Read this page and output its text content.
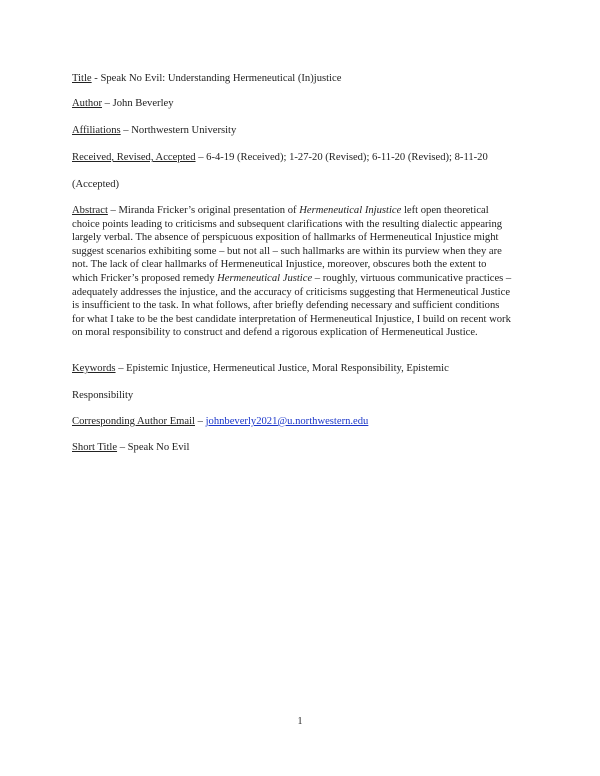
Title - Speak No Evil: Understanding Hermeneutical (In)justice
Author – John Beverley
Affiliations – Northwestern University
Received, Revised, Accepted – 6-4-19 (Received); 1-27-20 (Revised); 6-11-20 (Revised); 8-11-20
(Accepted)
Abstract – Miranda Fricker’s original presentation of Hermeneutical Injustice left open theoretical choice points leading to criticisms and subsequent clarifications with the resulting dialectic appearing largely verbal. The absence of perspicuous exposition of hallmarks of Hermeneutical Injustice might suggest scenarios exhibiting some – but not all – such hallmarks are within its purview when they are not. The lack of clear hallmarks of Hermeneutical Injustice, moreover, obscures both the extent to which Fricker’s proposed remedy Hermeneutical Justice – roughly, virtuous communicative practices – adequately addresses the injustice, and the accuracy of criticisms suggesting that Hermeneutical Justice is insufficient to the task. In what follows, after briefly defending necessary and sufficient conditions for what I take to be the best candidate interpretation of Hermeneutical Injustice, I build on recent work on moral responsibility to construct and defend a rigorous explication of Hermeneutical Justice.
Keywords – Epistemic Injustice, Hermeneutical Justice, Moral Responsibility, Epistemic
Responsibility
Corresponding Author Email – johnbeverly2021@u.northwestern.edu
Short Title – Speak No Evil
1
